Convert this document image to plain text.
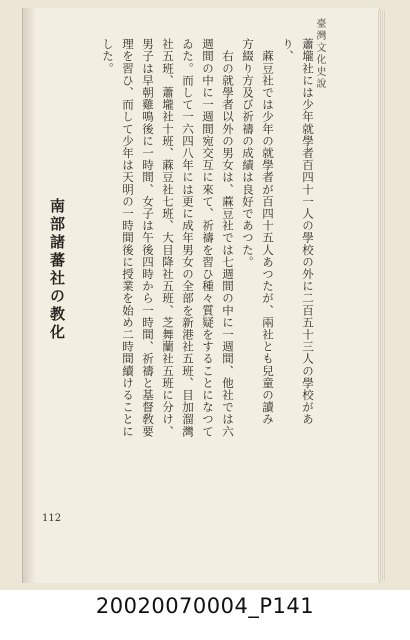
臺灣文化史說
蕭壠社には少年就學者百四十一人の學校の外に二百五十三人の學校があ
り、
　蔴豆社では少年の就學者が百四十五人あつたが、兩社とも兒童の讀み
方綴り方及び祈禱の成績は良好であつた。
　右の就學者以外の男女は、蔴豆社では七週間の中に一週間、他社では六
週間の中に一週間宛交互に來て、祈禱を習ひ種々質疑をすることになつて
ゐた。而して一六四八年には更に成年男女の全部を新港社五班、目加溜灣
社五班、蕭壠社十班、蔴豆社七班、大目降社五班、芝舞蘭社五班に分け、
男子は早朝雞鳴後に一時間、女子は午後四時から一時間、祈禱と基督敎要
理を習ひ、而して少年は天明の一時間後に授業を始め二時間續けることに
した。
南部諸蕃社の教化
112
20020070004_P141
